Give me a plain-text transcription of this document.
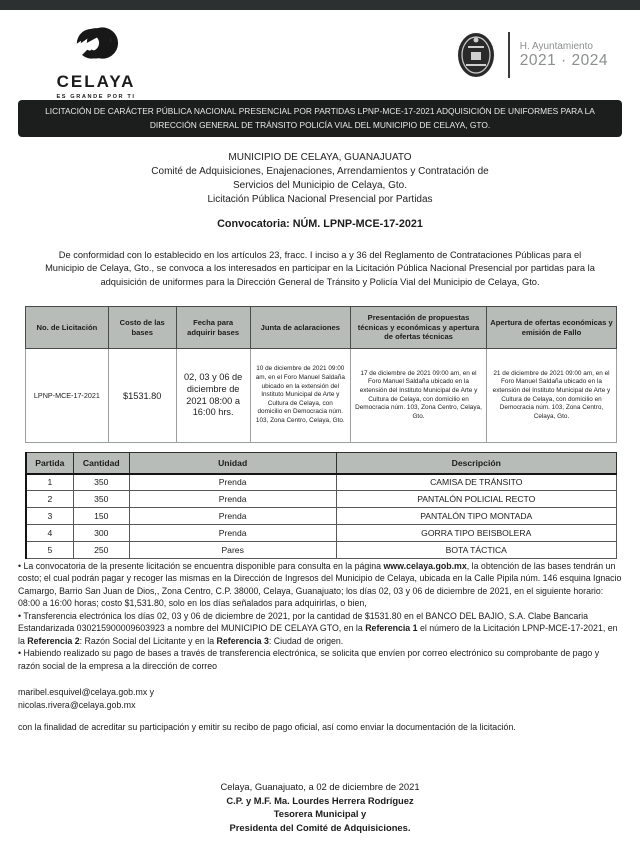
CELAYA
ES GRANDE POR TI
H. Ayuntamiento
2021 · 2024
LICITACIÓN DE CARÁCTER PÚBLICA NACIONAL PRESENCIAL POR PARTIDAS LPNP-MCE-17-2021 ADQUISICIÓN DE UNIFORMES PARA LA DIRECCIÓN GENERAL DE TRÁNSITO POLICÍA VIAL DEL MUNICIPIO DE CELAYA, GTO.
MUNICIPIO DE CELAYA, GUANAJUATO
Comité de Adquisiciones, Enajenaciones, Arrendamientos y Contratación de
Servicios del Municipio de Celaya, Gto.
Licitación Pública Nacional Presencial por Partidas
Convocatoria: NÚM. LPNP-MCE-17-2021
De conformidad con lo establecido en los artículos 23, fracc. I inciso a y 36 del Reglamento de Contrataciones Públicas para el Municipio de Celaya, Gto., se convoca a los interesados en participar en la Licitación Pública Nacional Presencial por partidas para la adquisición de uniformes para la Dirección General de Tránsito y Policía Vial del Municipio de Celaya, Gto.
No. de Licitación	Costo de las bases	Fecha para adquirir bases	Junta de aclaraciones	Presentación de propuestas técnicas y económicas y apertura de ofertas técnicas	Apertura de ofertas económicas y emisión de Fallo
LPNP-MCE-17-2021	$1531.80	02, 03 y 06 de diciembre de 2021 08:00 a 16:00 hrs.	10 de diciembre de 2021 09:00 am, en el Foro Manuel Saldaña ubicado en la extensión del Instituto Municipal de Arte y Cultura de Celaya, con domicilio en Democracia núm. 103, Zona Centro, Celaya, Gto.	17 de diciembre de 2021 09:00 am, en el Foro Manuel Saldaña ubicado en la extensión del Instituto Municipal de Arte y Cultura de Celaya, con domicilio en Democracia núm. 103, Zona Centro, Celaya, Gto.	21 de diciembre de 2021 09:00 am, en el Foro Manuel Saldaña ubicado en la extensión del Instituto Municipal de Arte y Cultura de Celaya, con domicilio en Democracia núm. 103, Zona Centro, Celaya, Gto.
Partida	Cantidad	Unidad	Descripción
1	350	Prenda	CAMISA DE TRÁNSITO
2	350	Prenda	PANTALÓN POLICIAL RECTO
3	150	Prenda	PANTALÓN TIPO MONTADA
4	300	Prenda	GORRA TIPO BEISBOLERA
5	250	Pares	BOTA TÁCTICA

• La convocatoria de la presente licitación se encuentra disponible para consulta en la página www.celaya.gob.mx, la obtención de las bases tendrán un costo; el cual podrán pagar y recoger las mismas en la Dirección de Ingresos del Municipio de Celaya, ubicada en la Calle Pipila núm. 146 esquina Ignacio Camargo, Barrio San Juan de Dios,, Zona Centro, C.P. 38000, Celaya, Guanajuato; los días 02, 03 y 06 de diciembre de 2021, en el siguiente horario: 08:00 a 16:00 horas; costo $1,531.80, solo en los días señalados para adquirirlas, o bien,

• Transferencia electrónica los días 02, 03 y 06 de diciembre de 2021, por la cantidad de $1531.80 en el BANCO DEL BAJIO, S.A. Clabe Bancaria Estandarizada 030215900009603923 a nombre del MUNICIPIO DE CELAYA GTO, en la Referencia 1 el número de la Licitación LPNP-MCE-17-2021, en la Referencia 2: Razón Social del Licitante y en la Referencia 3: Ciudad de origen.

• Habiendo realizado su pago de bases a través de transferencia electrónica, se solicita que envíen por correo electrónico su comprobante de pago y razón social de la empresa a la dirección de correo

maribel.esquivel@celaya.gob.mx y
nicolas.rivera@celaya.gob.mx
con la finalidad de acreditar su participación y emitir su recibo de pago oficial, así como enviar la documentación de la licitación.
Celaya, Guanajuato, a 02 de diciembre de 2021
C.P. y M.F. Ma. Lourdes Herrera Rodríguez
Tesorera Municipal y
Presidenta del Comité de Adquisiciones.
